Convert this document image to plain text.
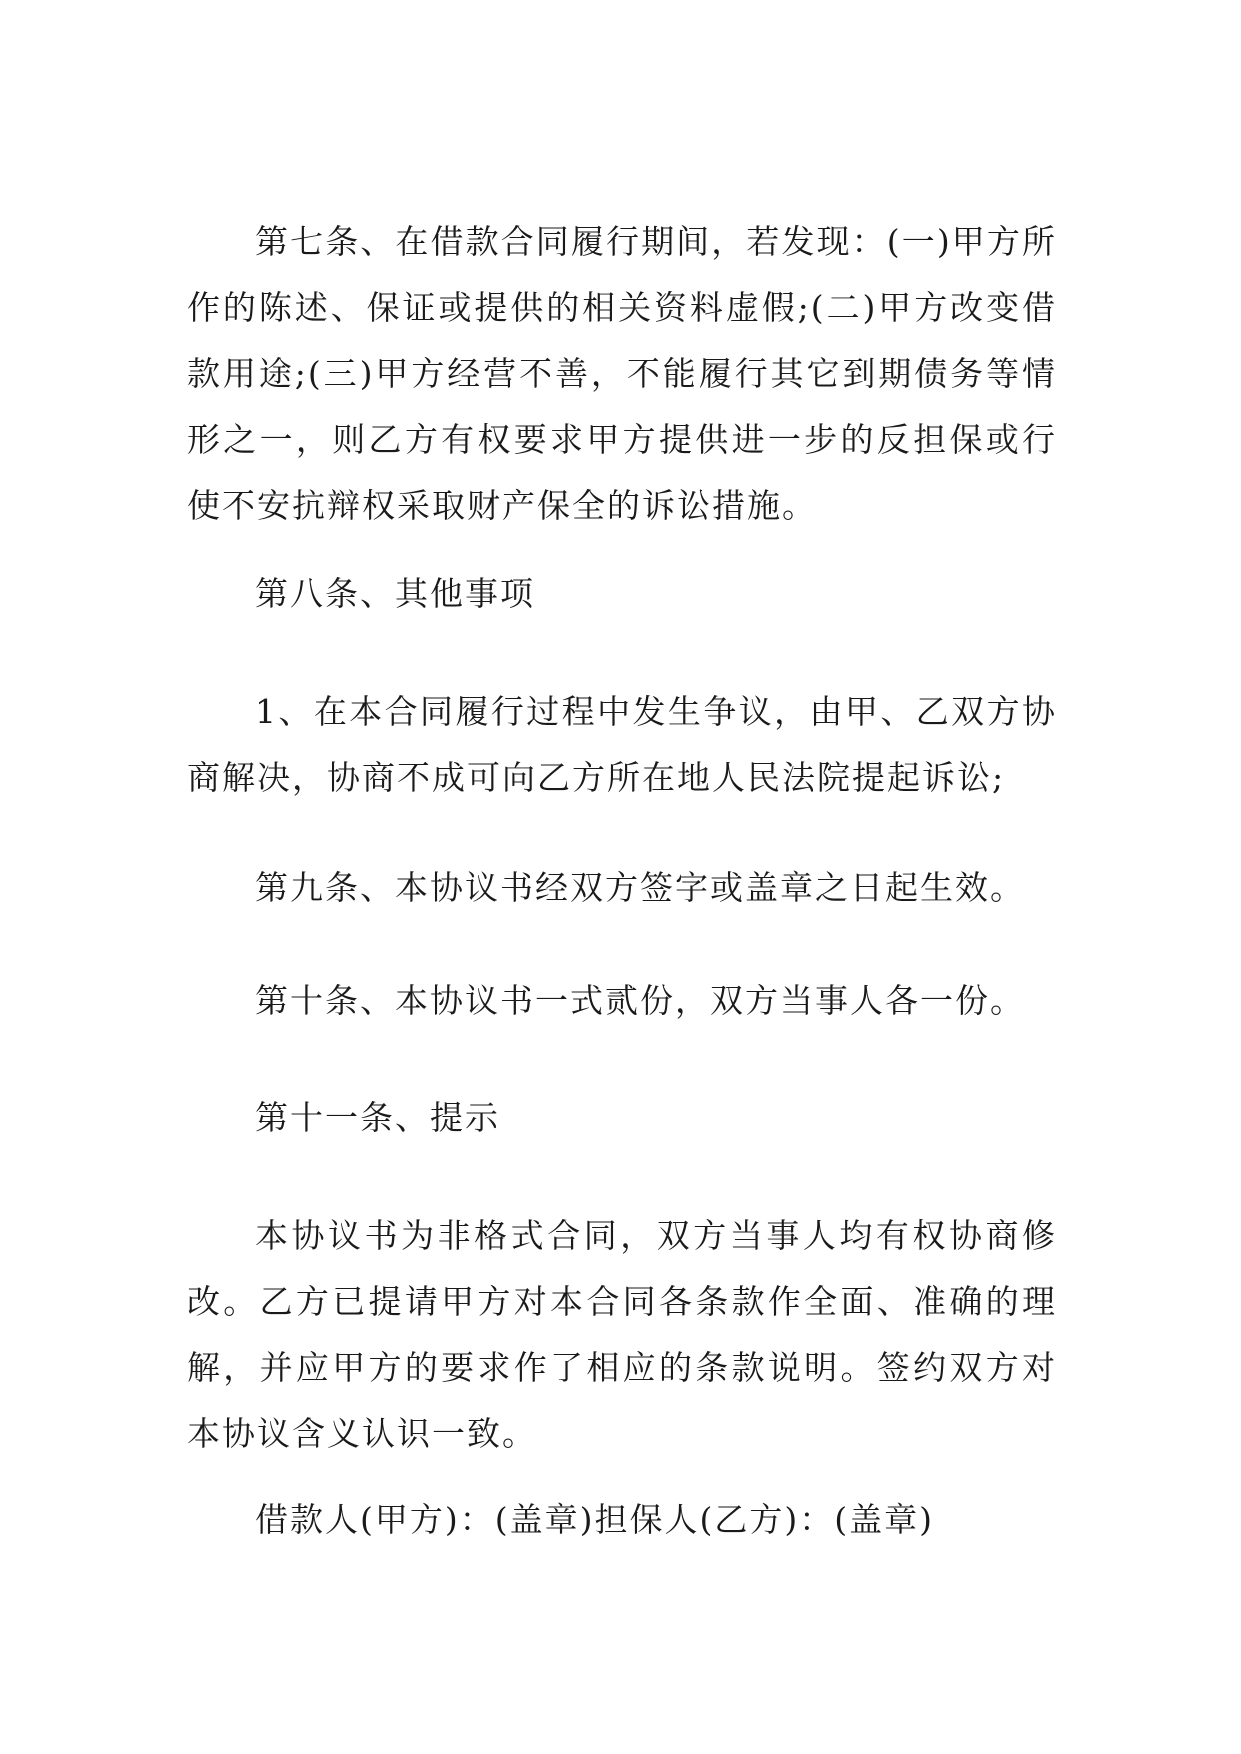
第七条、在借款合同履行期间，若发现：(一)甲方所作的陈述、保证或提供的相关资料虚假;(二)甲方改变借款用途;(三)甲方经营不善，不能履行其它到期债务等情形之一，则乙方有权要求甲方提供进一步的反担保或行使不安抗辩权采取财产保全的诉讼措施。

第八条、其他事项

1、在本合同履行过程中发生争议，由甲、乙双方协商解决，协商不成可向乙方所在地人民法院提起诉讼;

第九条、本协议书经双方签字或盖章之日起生效。

第十条、本协议书一式贰份，双方当事人各一份。

第十一条、提示

本协议书为非格式合同，双方当事人均有权协商修改。乙方已提请甲方对本合同各条款作全面、准确的理解，并应甲方的要求作了相应的条款说明。签约双方对本协议含义认识一致。

借款人(甲方)：(盖章)担保人(乙方)：(盖章)
